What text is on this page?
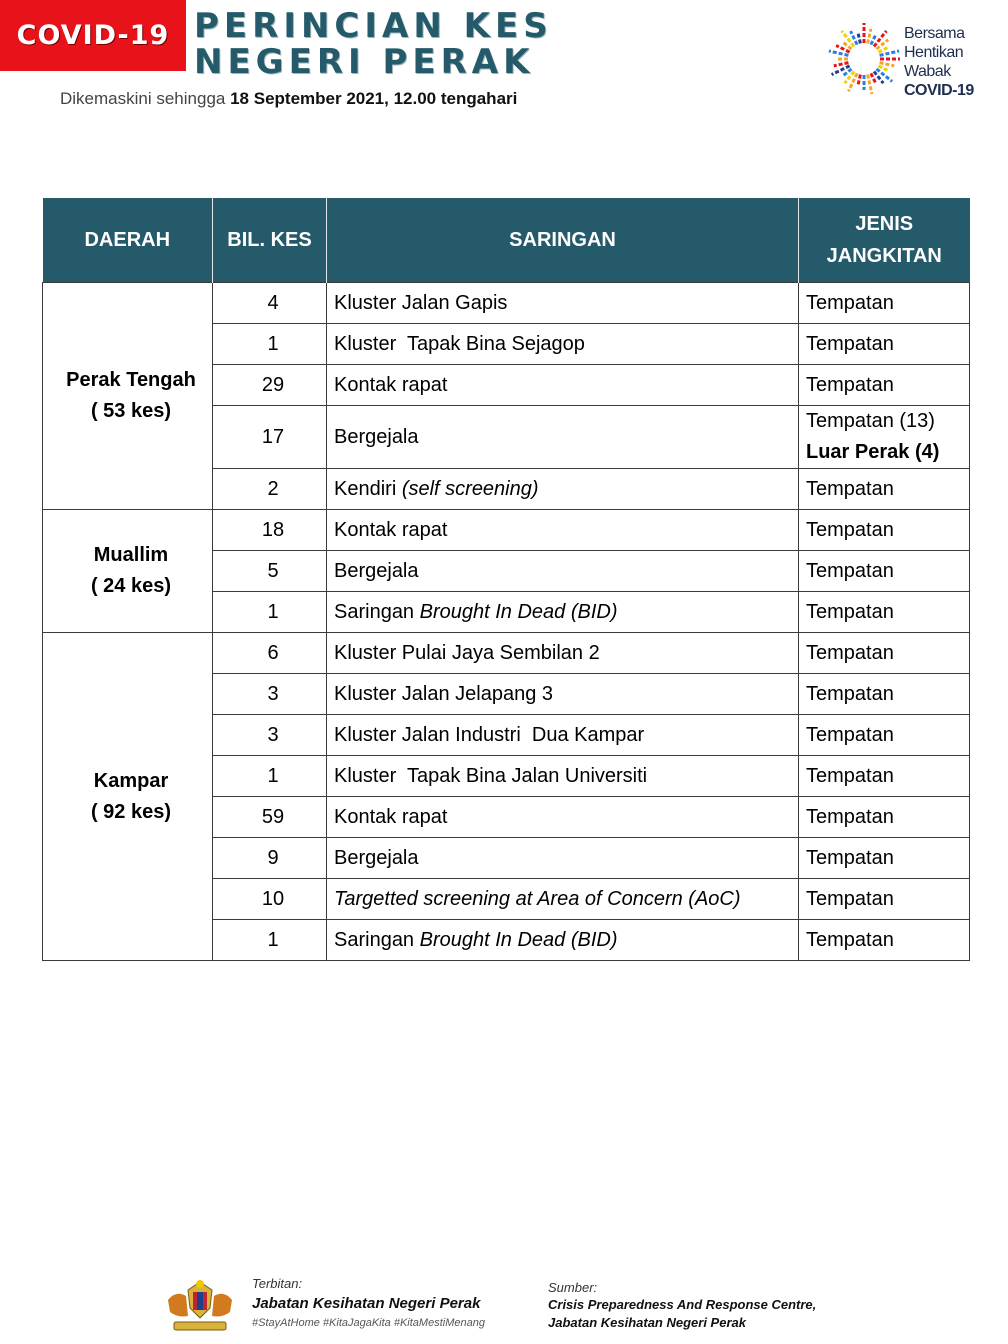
COVID-19 PERINCIAN KES
NEGERI PERAK
Dikemaskini sehingga 18 September 2021, 12.00 tengahari
Bersama
Hentikan
Wabak
COVID-19
DAERAH	BIL. KES	SARINGAN	JENIS
JANGKITAN
Perak Tengah
( 53 kes)	4	Kluster Jalan Gapis	Tempatan
	1	Kluster  Tapak Bina Sejagop	Tempatan
	29	Kontak rapat	Tempatan
	17	Bergejala	Tempatan (13)
Luar Perak (4)
	2	Kendiri (self screening)	Tempatan
Muallim
( 24 kes)	18	Kontak rapat	Tempatan
	5	Bergejala	Tempatan
	1	Saringan Brought In Dead (BID)	Tempatan
Kampar
( 92 kes)	6	Kluster Pulai Jaya Sembilan 2	Tempatan
	3	Kluster Jalan Jelapang 3	Tempatan
	3	Kluster Jalan Industri  Dua Kampar	Tempatan
	1	Kluster  Tapak Bina Jalan Universiti	Tempatan
	59	Kontak rapat	Tempatan
	9	Bergejala	Tempatan
	10	Targetted screening at Area of Concern (AoC)	Tempatan
	1	Saringan Brought In Dead (BID)	Tempatan
Terbitan:
Jabatan Kesihatan Negeri Perak
#StayAtHome #KitaJagaKita #KitaMestiMenang
Sumber:
Crisis Preparedness And Response Centre,
Jabatan Kesihatan Negeri Perak
